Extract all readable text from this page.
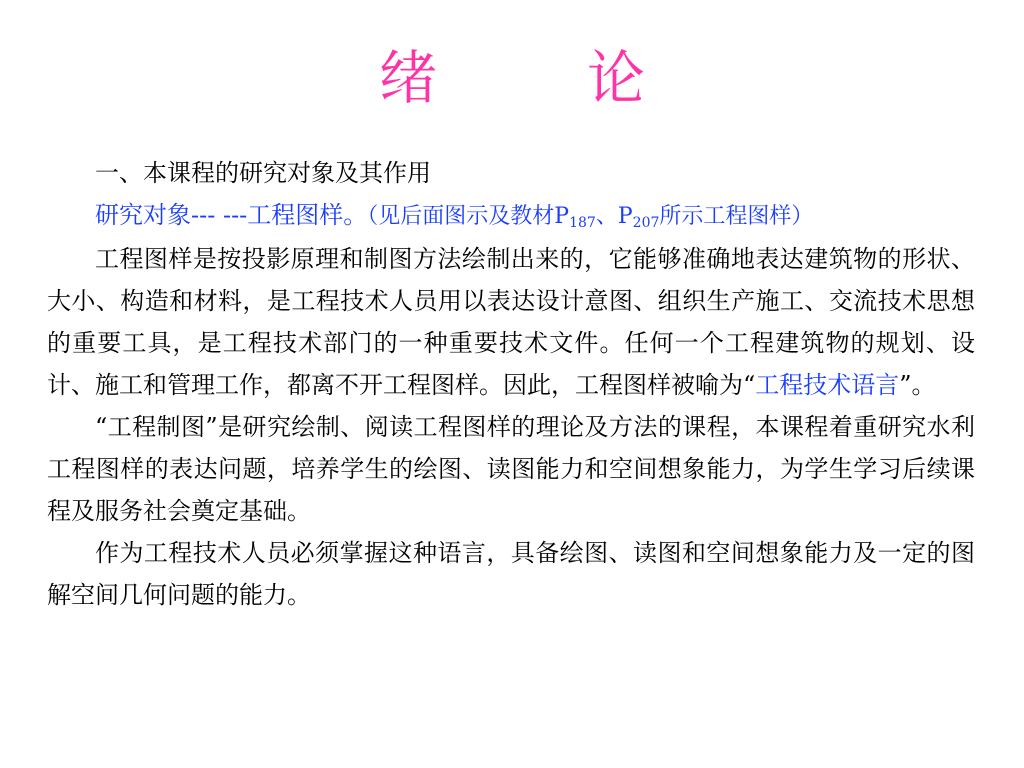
绪	论

一、本课程的研究对象及其作用

研究对象--- ---工程图样。（见后面图示及教材$P_{187}$、$P_{207}$所示工程图样）

工程图样是按投影原理和制图方法绘制出来的，它能够准确地表达建筑物的形状、大小、构造和材料，是工程技术人员用以表达设计意图、组织生产施工、交流技术思想的重要工具，是工程技术部门的一种重要技术文件。任何一个工程建筑物的规划、设计、施工和管理工作，都离不开工程图样。因此，工程图样被喻为“工程技术语言”。

“工程制图”是研究绘制、阅读工程图样的理论及方法的课程，本课程着重研究水利工程图样的表达问题，培养学生的绘图、读图能力和空间想象能力，为学生学习后续课程及服务社会奠定基础。

作为工程技术人员必须掌握这种语言，具备绘图、读图和空间想象能力及一定的图解空间几何问题的能力。
